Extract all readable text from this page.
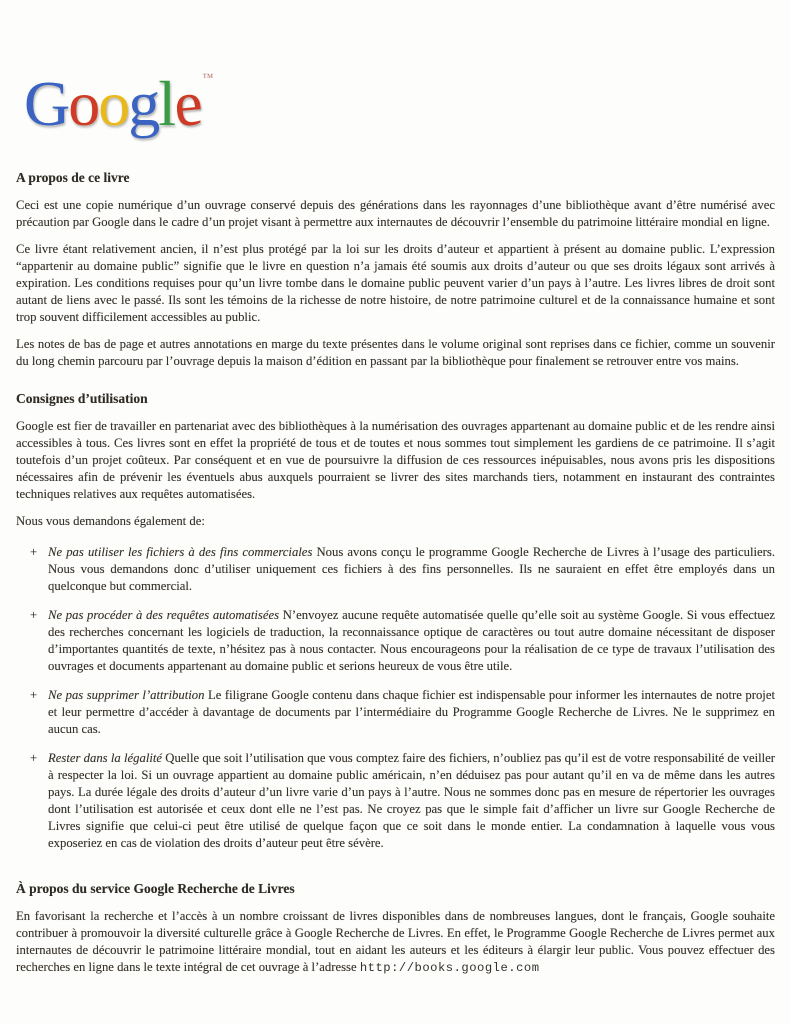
Google™
A propos de ce livre

Ceci est une copie numérique d’un ouvrage conservé depuis des générations dans les rayonnages d’une bibliothèque avant d’être numérisé avec précaution par Google dans le cadre d’un projet visant à permettre aux internautes de découvrir l’ensemble du patrimoine littéraire mondial en ligne.

Ce livre étant relativement ancien, il n’est plus protégé par la loi sur les droits d’auteur et appartient à présent au domaine public. L’expression “appartenir au domaine public” signifie que le livre en question n’a jamais été soumis aux droits d’auteur ou que ses droits légaux sont arrivés à expiration. Les conditions requises pour qu’un livre tombe dans le domaine public peuvent varier d’un pays à l’autre. Les livres libres de droit sont autant de liens avec le passé. Ils sont les témoins de la richesse de notre histoire, de notre patrimoine culturel et de la connaissance humaine et sont trop souvent difficilement accessibles au public.

Les notes de bas de page et autres annotations en marge du texte présentes dans le volume original sont reprises dans ce fichier, comme un souvenir du long chemin parcouru par l’ouvrage depuis la maison d’édition en passant par la bibliothèque pour finalement se retrouver entre vos mains.

Consignes d’utilisation

Google est fier de travailler en partenariat avec des bibliothèques à la numérisation des ouvrages appartenant au domaine public et de les rendre ainsi accessibles à tous. Ces livres sont en effet la propriété de tous et de toutes et nous sommes tout simplement les gardiens de ce patrimoine. Il s’agit toutefois d’un projet coûteux. Par conséquent et en vue de poursuivre la diffusion de ces ressources inépuisables, nous avons pris les dispositions nécessaires afin de prévenir les éventuels abus auxquels pourraient se livrer des sites marchands tiers, notamment en instaurant des contraintes techniques relatives aux requêtes automatisées.

Nous vous demandons également de:

+ Ne pas utiliser les fichiers à des fins commerciales Nous avons conçu le programme Google Recherche de Livres à l’usage des particuliers. Nous vous demandons donc d’utiliser uniquement ces fichiers à des fins personnelles. Ils ne sauraient en effet être employés dans un quelconque but commercial.
+ Ne pas procéder à des requêtes automatisées N’envoyez aucune requête automatisée quelle qu’elle soit au système Google. Si vous effectuez des recherches concernant les logiciels de traduction, la reconnaissance optique de caractères ou tout autre domaine nécessitant de disposer d’importantes quantités de texte, n’hésitez pas à nous contacter. Nous encourageons pour la réalisation de ce type de travaux l’utilisation des ouvrages et documents appartenant au domaine public et serions heureux de vous être utile.
+ Ne pas supprimer l’attribution Le filigrane Google contenu dans chaque fichier est indispensable pour informer les internautes de notre projet et leur permettre d’accéder à davantage de documents par l’intermédiaire du Programme Google Recherche de Livres. Ne le supprimez en aucun cas.
+ Rester dans la légalité Quelle que soit l’utilisation que vous comptez faire des fichiers, n’oubliez pas qu’il est de votre responsabilité de veiller à respecter la loi. Si un ouvrage appartient au domaine public américain, n’en déduisez pas pour autant qu’il en va de même dans les autres pays. La durée légale des droits d’auteur d’un livre varie d’un pays à l’autre. Nous ne sommes donc pas en mesure de répertorier les ouvrages dont l’utilisation est autorisée et ceux dont elle ne l’est pas. Ne croyez pas que le simple fait d’afficher un livre sur Google Recherche de Livres signifie que celui-ci peut être utilisé de quelque façon que ce soit dans le monde entier. La condamnation à laquelle vous vous exposeriez en cas de violation des droits d’auteur peut être sévère.
À propos du service Google Recherche de Livres

En favorisant la recherche et l’accès à un nombre croissant de livres disponibles dans de nombreuses langues, dont le français, Google souhaite contribuer à promouvoir la diversité culturelle grâce à Google Recherche de Livres. En effet, le Programme Google Recherche de Livres permet aux internautes de découvrir le patrimoine littéraire mondial, tout en aidant les auteurs et les éditeurs à élargir leur public. Vous pouvez effectuer des recherches en ligne dans le texte intégral de cet ouvrage à l’adresse http://books.google.com
